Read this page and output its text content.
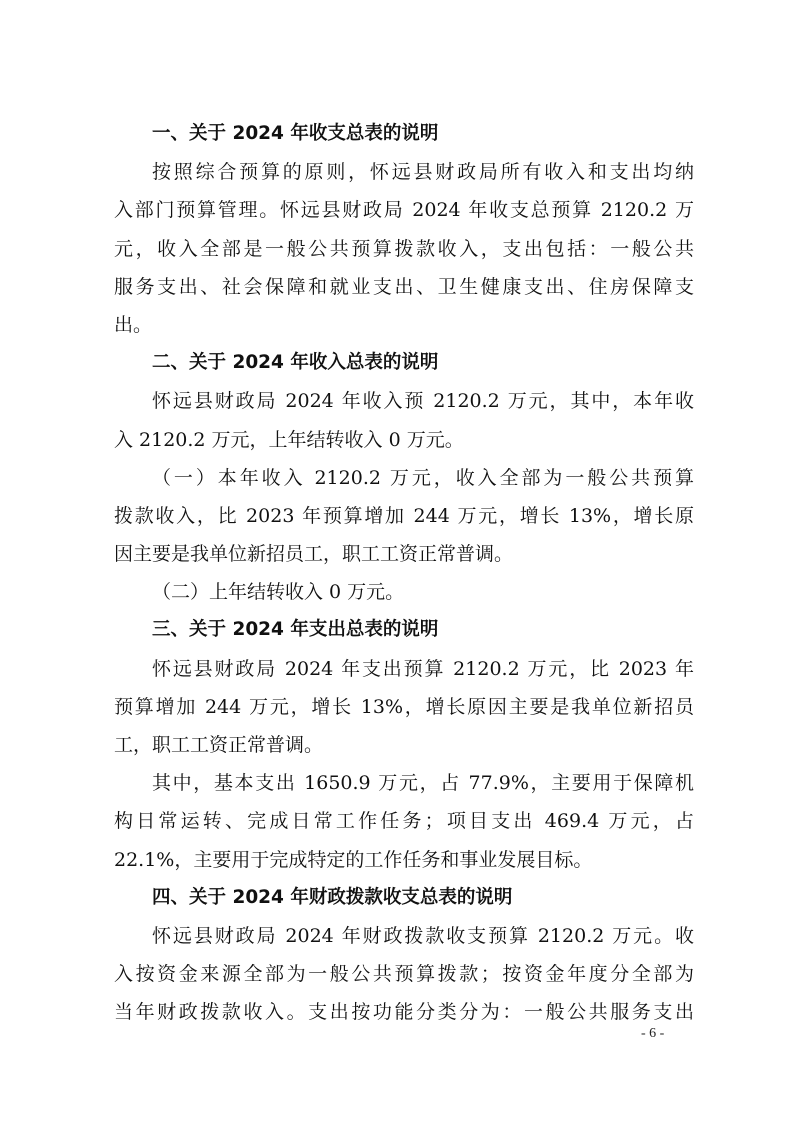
一、关于 2024 年收支总表的说明
按照综合预算的原则，怀远县财政局所有收入和支出均纳
入部门预算管理。怀远县财政局 2024 年收支总预算 2120.2 万
元，收入全部是一般公共预算拨款收入，支出包括：一般公共
服务支出、社会保障和就业支出、卫生健康支出、住房保障支
出。
二、关于 2024 年收入总表的说明
怀远县财政局 2024 年收入预 2120.2 万元，其中，本年收
入 2120.2 万元，上年结转收入 0 万元。
（一）本年收入 2120.2 万元，收入全部为一般公共预算
拨款收入，比 2023 年预算增加 244 万元，增长 13%，增长原
因主要是我单位新招员工，职工工资正常普调。
（二）上年结转收入 0 万元。
三、关于 2024 年支出总表的说明
怀远县财政局 2024 年支出预算 2120.2 万元，比 2023 年
预算增加 244 万元，增长 13%，增长原因主要是我单位新招员
工，职工工资正常普调。
其中，基本支出 1650.9 万元，占 77.9%，主要用于保障机
构日常运转、完成日常工作任务；项目支出 469.4 万元，占
22.1%，主要用于完成特定的工作任务和事业发展目标。
四、关于 2024 年财政拨款收支总表的说明
怀远县财政局 2024 年财政拨款收支预算 2120.2 万元。收
入按资金来源全部为一般公共预算拨款；按资金年度分全部为
当年财政拨款收入。支出按功能分类分为：一般公共服务支出
- 6 -
